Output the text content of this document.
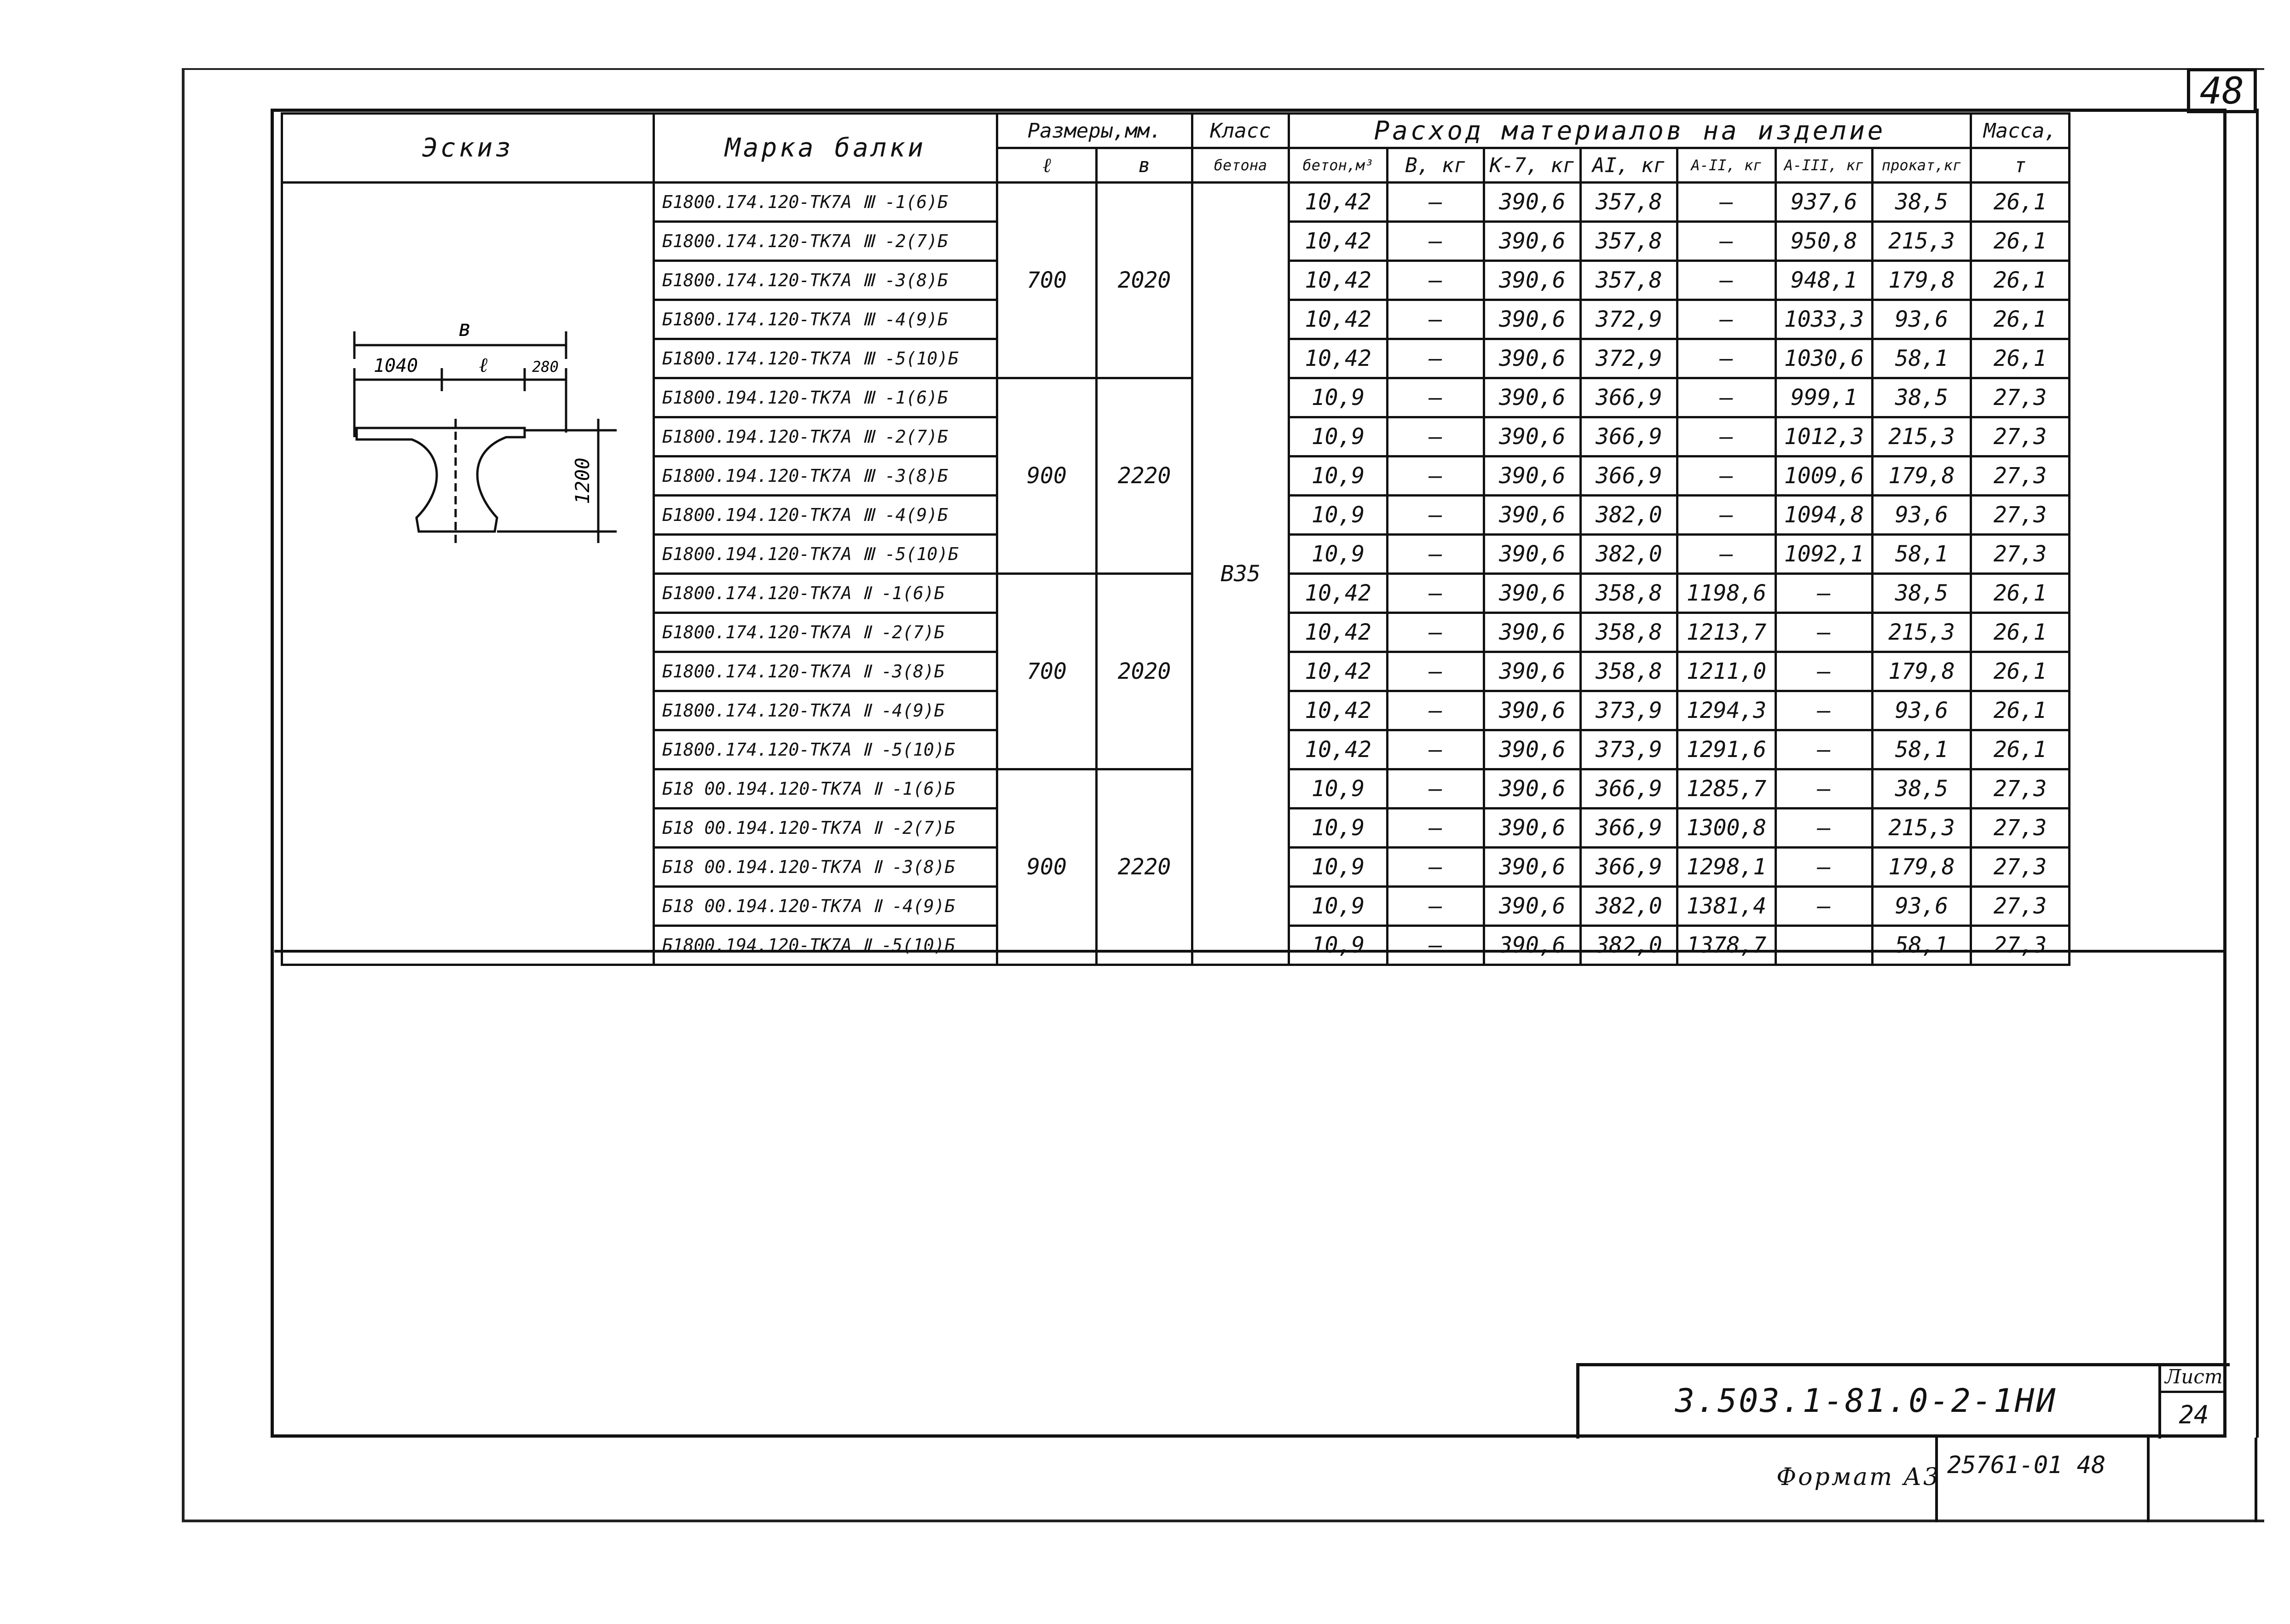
48
Эскиз	Марка балки	Размеры,мм.		Класс	Расход материалов на изделие							Масса,
		ℓ	в	бетона	бетон,м³	В, кг	К-7, кг	АI, кг	А-II, кг	А-III, кг	прокат,кг	т
	Б1800.174.120-ТК7А Ⅲ -1(6)Б	700	2020	В35	10,42	—	390,6	357,8	—	937,6	38,5	26,1
	Б1800.174.120-ТК7А Ⅲ -2(7)Б				10,42	—	390,6	357,8	—	950,8	215,3	26,1
	Б1800.174.120-ТК7А Ⅲ -3(8)Б				10,42	—	390,6	357,8	—	948,1	179,8	26,1
	Б1800.174.120-ТК7А Ⅲ -4(9)Б				10,42	—	390,6	372,9	—	1033,3	93,6	26,1
	Б1800.174.120-ТК7А Ⅲ -5(10)Б				10,42	—	390,6	372,9	—	1030,6	58,1	26,1
	Б1800.194.120-ТК7А Ⅲ -1(6)Б	900	2220		10,9	—	390,6	366,9	—	999,1	38,5	27,3
	Б1800.194.120-ТК7А Ⅲ -2(7)Б				10,9	—	390,6	366,9	—	1012,3	215,3	27,3
	Б1800.194.120-ТК7А Ⅲ -3(8)Б				10,9	—	390,6	366,9	—	1009,6	179,8	27,3
	Б1800.194.120-ТК7А Ⅲ -4(9)Б				10,9	—	390,6	382,0	—	1094,8	93,6	27,3
	Б1800.194.120-ТК7А Ⅲ -5(10)Б				10,9	—	390,6	382,0	—	1092,1	58,1	27,3
	Б1800.174.120-ТК7А Ⅱ -1(6)Б	700	2020		10,42	—	390,6	358,8	1198,6	—	38,5	26,1
	Б1800.174.120-ТК7А Ⅱ -2(7)Б				10,42	—	390,6	358,8	1213,7	—	215,3	26,1
	Б1800.174.120-ТК7А Ⅱ -3(8)Б				10,42	—	390,6	358,8	1211,0	—	179,8	26,1
	Б1800.174.120-ТК7А Ⅱ -4(9)Б				10,42	—	390,6	373,9	1294,3	—	93,6	26,1
	Б1800.174.120-ТК7А Ⅱ -5(10)Б				10,42	—	390,6	373,9	1291,6	—	58,1	26,1
	Б18 00.194.120-ТК7А Ⅱ -1(6)Б	900	2220		10,9	—	390,6	366,9	1285,7	—	38,5	27,3
	Б18 00.194.120-ТК7А Ⅱ -2(7)Б				10,9	—	390,6	366,9	1300,8	—	215,3	27,3
	Б18 00.194.120-ТК7А Ⅱ -3(8)Б				10,9	—	390,6	366,9	1298,1	—	179,8	27,3
	Б18 00.194.120-ТК7А Ⅱ -4(9)Б				10,9	—	390,6	382,0	1381,4	—	93,6	27,3
	Б1800.194.120-ТК7А Ⅱ -5(10)Б				10,9	—	390,6	382,0	1378,7		58,1	27,3
в
1040	ℓ	280
1200
3.503.1-81.0-2-1НИ
Лист
24
Формат А3 25761-01 48
